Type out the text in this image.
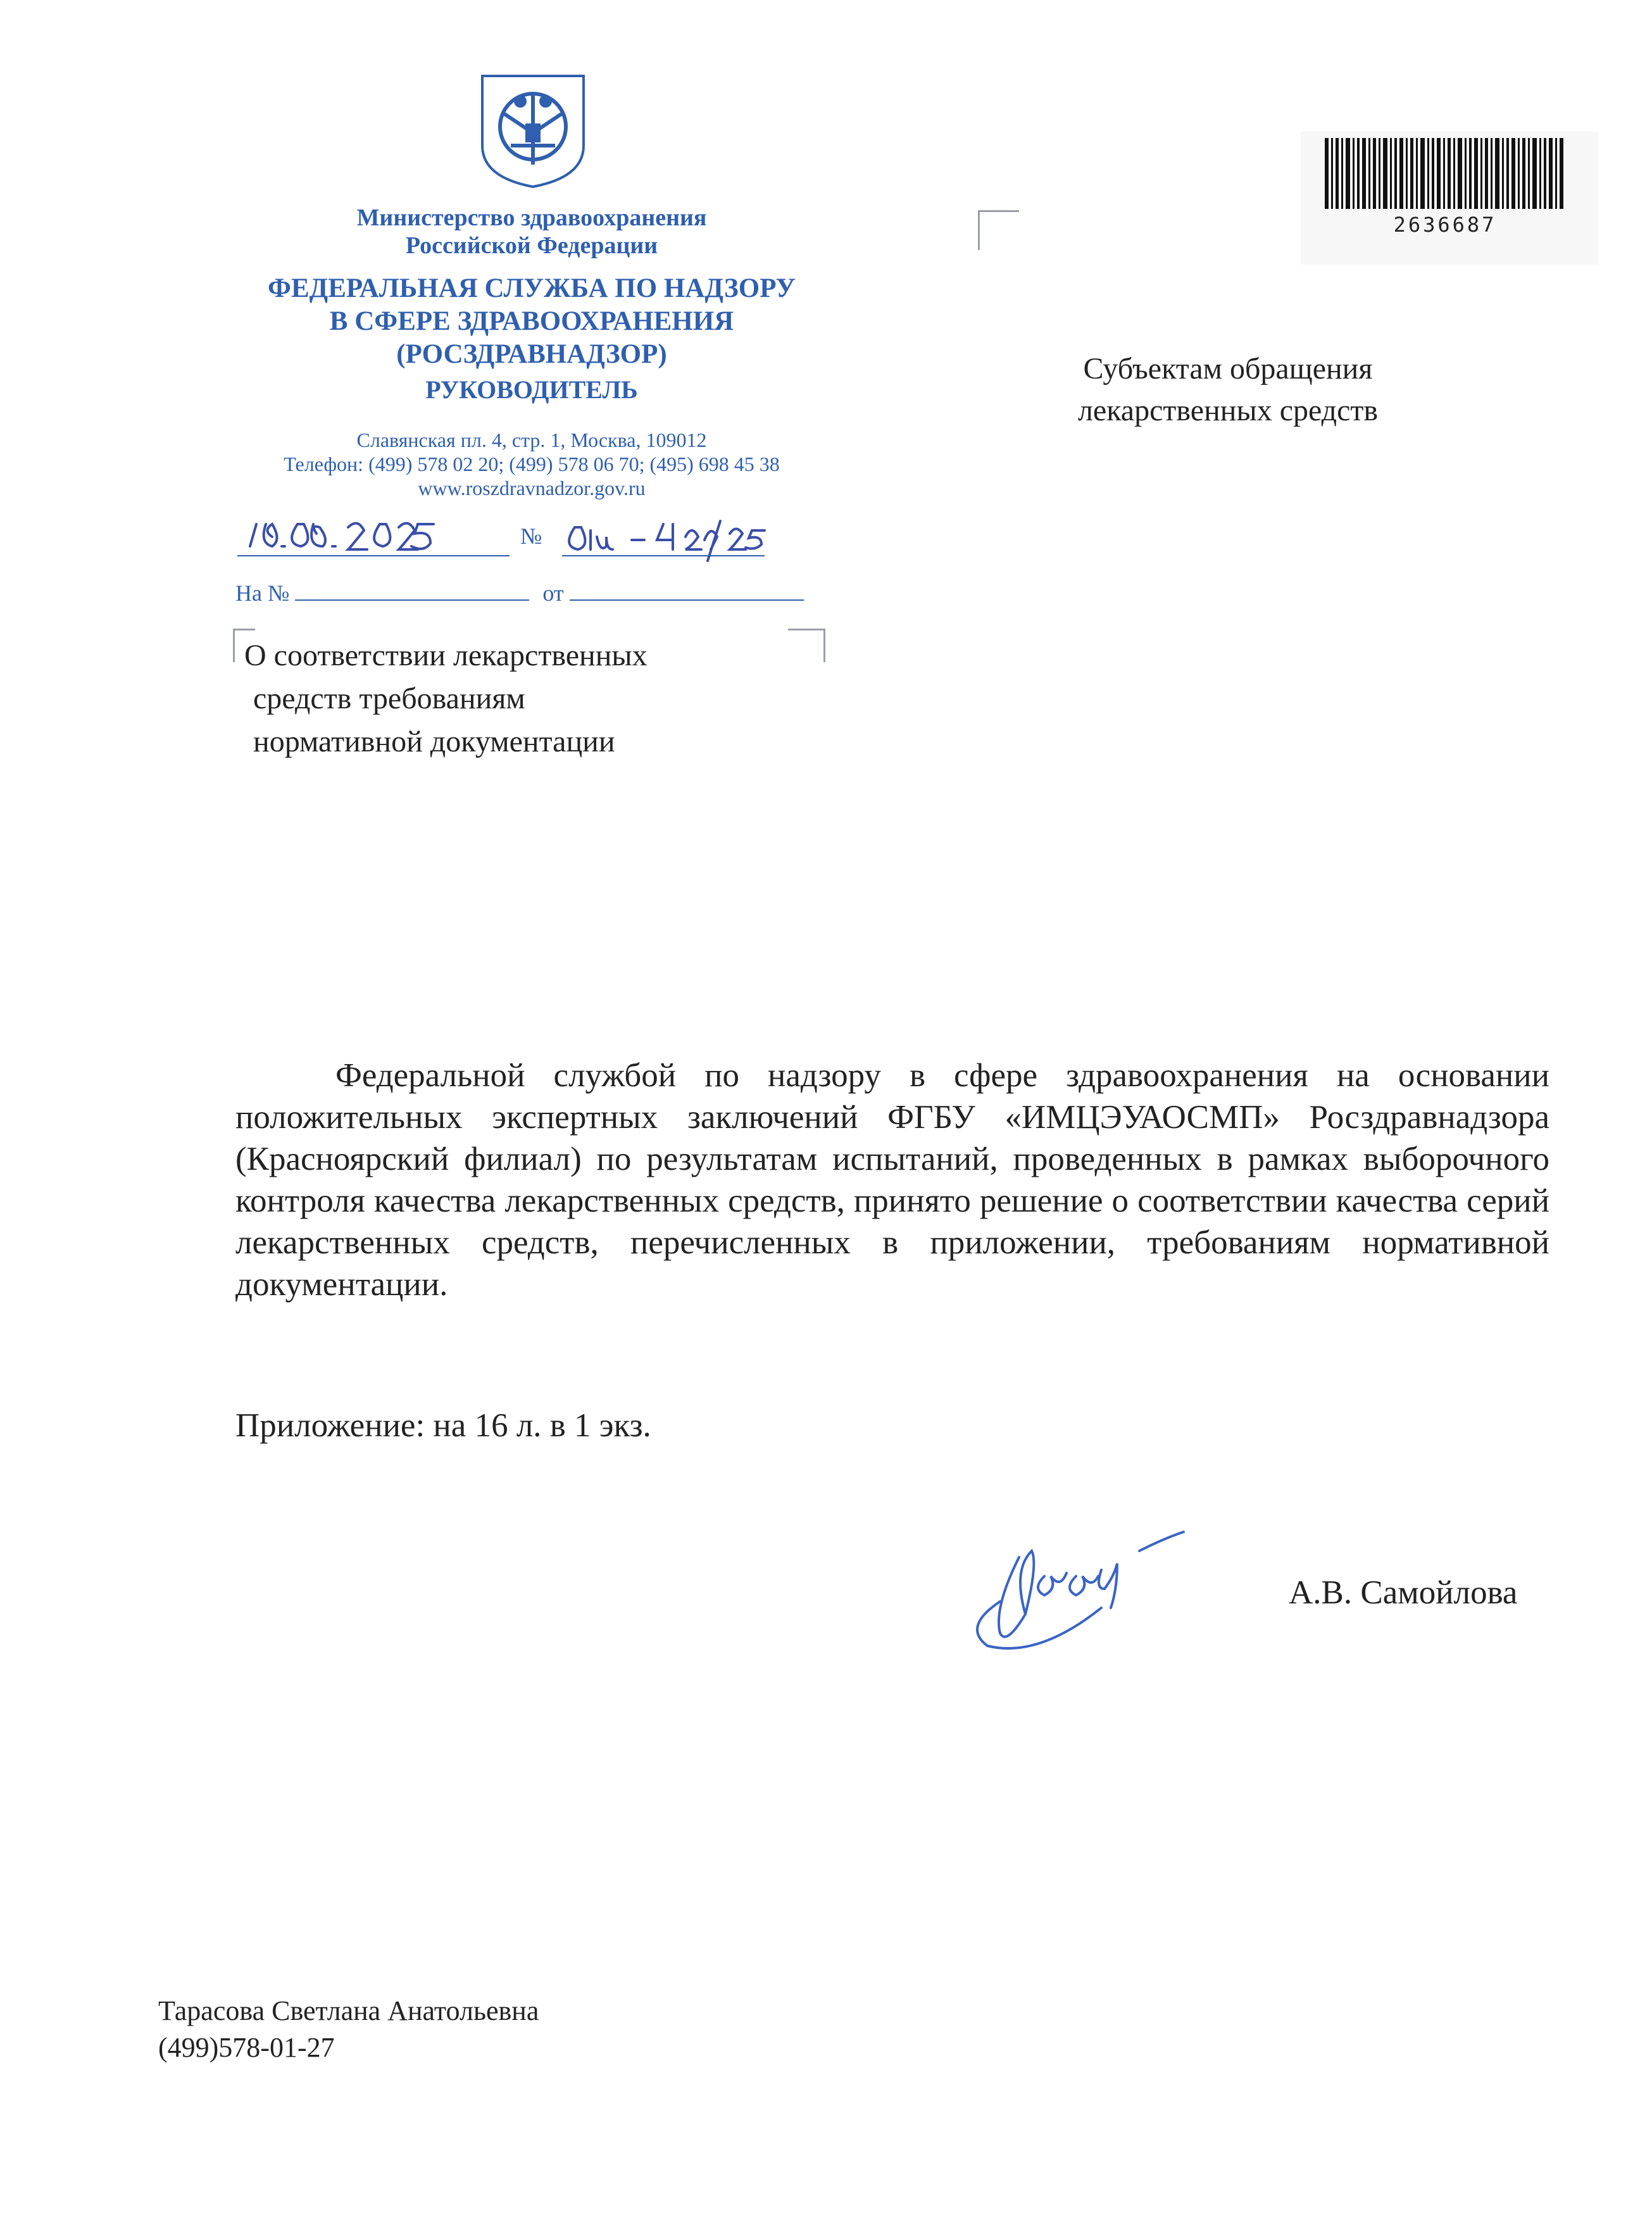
Министерство здравоохранения
Российской Федерации
ФЕДЕРАЛЬНАЯ СЛУЖБА ПО НАДЗОРУ
В СФЕРЕ ЗДРАВООХРАНЕНИЯ
(РОСЗДРАВНАДЗОР)
РУКОВОДИТЕЛЬ
Славянская пл. 4, стр. 1, Москва, 109012
Телефон: (499) 578 02 20; (499) 578 06 70; (495) 698 45 38
www.roszdravnadzor.gov.ru
№
На №	от
2636687
Субъектам обращения
лекарственных средств
О соответствии лекарственных
средств требованиям
нормативной документации

Федеральной службой по надзору в сфере здравоохранения на основании положительных экспертных заключений ФГБУ «ИМЦЭУАОСМП» Росздравнадзора (Красноярский филиал) по результатам испытаний, проведенных в рамках выборочного контроля качества лекарственных средств, принято решение о соответствии качества серий лекарственных средств, перечисленных в приложении, требованиям нормативной документации.

Приложение: на 16 л. в 1 экз.
А.В. Самойлова
Тарасова Светлана Анатольевна
(499)578-01-27
